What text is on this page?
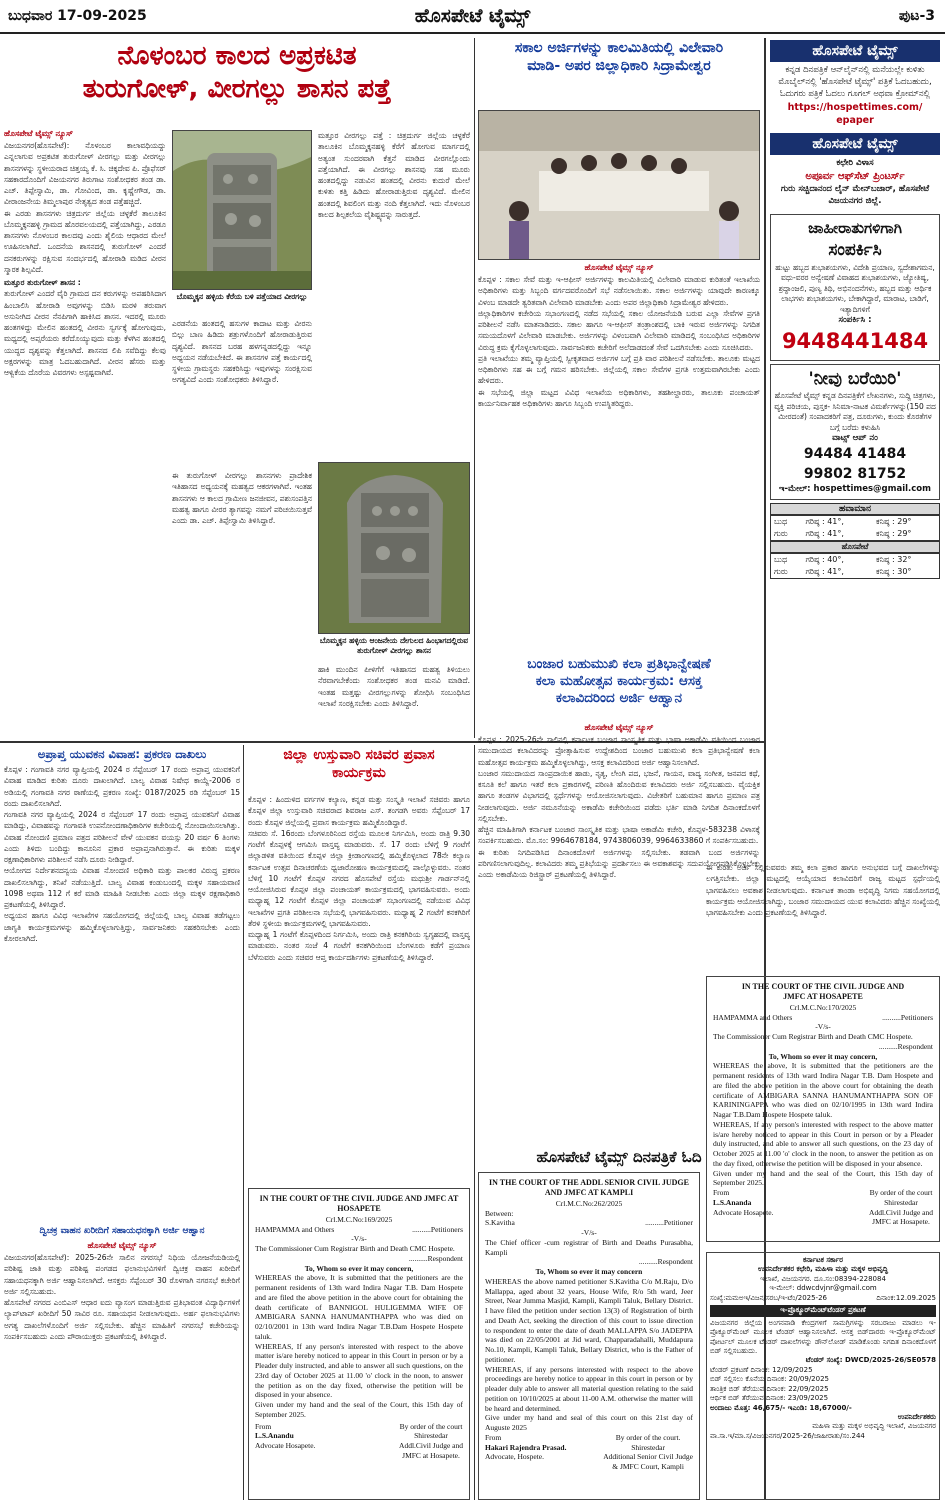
ಬುಧವಾರ 17-09-2025	ಹೊಸಪೇಟೆ ಟೈಮ್ಸ್	ಪುಟ-3
ನೊಳಂಬರ ಕಾಲದ ಅಪ್ರಕಟಿತ
ತುರುಗೋಳ್, ವೀರಗಲ್ಲು ಶಾಸನ ಪತ್ತೆ
ಹೊಸಪೇಟೆ ಟೈಮ್ಸ್ ನ್ಯೂಸ್

ವಿಜಯನಗರ(ಹೊಸಪೇಟೆ): ನೊಳಂಬರ ಕಾಲಾವಧಿಯದ್ದು ಎನ್ನಲಾಗುವ ಅಪ್ರಕಟಿತ ತುರುಗೋಳ್ ವೀರಗಲ್ಲು ಮತ್ತು ವೀರಗಲ್ಲು ಶಾಸನಗಳನ್ನು ಸ್ಥಳೀಯರಾದ ಚಿತ್ತಯ್ಯ ಕೆ. ಸಿ. ಚಿಕ್ಕದೇವ ಪಿ. ಪ್ರೊಫೆಸರ್ ಸಹಕಾರದೊಂದಿಗೆ ವಿಜಯನಗರ ತಿರುಗಾಟ ಸಂಶೋಧಕರ ತಂಡ ಡಾ. ಎಚ್. ತಿಪ್ಪೇಸ್ವಾಮಿ, ಡಾ. ಗೋವಿಂದ, ಡಾ. ಕೃಷ್ಣೇಗೌಡ, ಡಾ. ವೀರಾಂಜನೇಯ ತಿಮ್ಮಲಾಪುರ ನೇತೃತ್ವದ ತಂಡ ಪತ್ತೆಹಚ್ಚಿದೆ.

ಈ ಎರಡು ಶಾಸನಗಳು ಚಿತ್ರದುರ್ಗ ಜಿಲ್ಲೆಯ ಚಳ್ಳಕೆರೆ ತಾಲೂಕಿನ ಬೊಮ್ಮಕ್ಕನಹಳ್ಳಿ ಗ್ರಾಮದ ಹೊರವಲಯದಲ್ಲಿ ಪತ್ತೆಯಾಗಿದ್ದು, ಎರಡೂ ಶಾಸನಗಳು ನೊಳಂಬರ ಕಾಲದವು ಎಂದು ಶೈಲಿಯ ಆಧಾರದ ಮೇಲೆ ಊಹಿಸಲಾಗಿದೆ. ಒಂದನೆಯ ಶಾಸನದಲ್ಲಿ ತುರುಗೋಳ್ ಎಂದರೆ ದನಕರುಗಳನ್ನು ರಕ್ಷಿಸುವ ಸಂದರ್ಭದಲ್ಲಿ ಹೋರಾಡಿ ಮಡಿದ ವೀರನ ಸ್ಮಾರಕ ಶಿಲ್ಪವಿದೆ.

ಮತ್ತೂರ ತುರುಗೋಳ್ ಶಾಸನ :

ತುರುಗೋಳ್ ಎಂದರೆ ವೈರಿ ಗ್ರಾಮದ ದನ ಕರುಗಳನ್ನು ಅಪಹರಿಸಿದಾಗ ಹಿಂಬಾಲಿಸಿ ಹೋರಾಡಿ ಅವುಗಳನ್ನು ಬಿಡಿಸಿ ಮರಳಿ ತರುವಾಗ ಅಸುನೀಗಿದ ವೀರನ ನೆನಪಿಗಾಗಿ ಹಾಕಿಸಿದ ಶಾಸನ. ಇದರಲ್ಲಿ ಮೂರು ಹಂತಗಳಿದ್ದು ಮೇಲಿನ ಹಂತದಲ್ಲಿ ವೀರನು ಸ್ವರ್ಗಕ್ಕೆ ಹೋಗುವುದು, ಮಧ್ಯದಲ್ಲಿ ಅಪ್ಸರೆಯರು ಕರೆದೊಯ್ಯುವುದು ಮತ್ತು ಕೆಳಗಿನ ಹಂತದಲ್ಲಿ ಯುದ್ಧದ ದೃಶ್ಯವನ್ನು ಕೆತ್ತಲಾಗಿದೆ. ಶಾಸನದ ಲಿಪಿ ಸವೆದಿದ್ದು ಕೆಲವು ಅಕ್ಷರಗಳನ್ನು ಮಾತ್ರ ಓದಬಹುದಾಗಿದೆ. ವೀರನ ಹೆಸರು ಮತ್ತು ಆಳ್ವಿಕೆಯ ದೊರೆಯ ವಿವರಗಳು ಅಸ್ಪಷ್ಟವಾಗಿವೆ.

ಬೊಮ್ಮಕ್ಕನ ಹಳ್ಳಿಯ ಕೆರೆಯ ಬಳಿ ಪತ್ತೆಯಾದ ವೀರಗಲ್ಲು

ಎರಡನೆಯ ಹಂತದಲ್ಲಿ ಹಸುಗಳ ಕಾದಾಟ ಮತ್ತು ವೀರನು ಬಿಲ್ಲು ಬಾಣ ಹಿಡಿದು ಶತ್ರುಗಳೊಂದಿಗೆ ಹೋರಾಡುತ್ತಿರುವ ದೃಶ್ಯವಿದೆ. ಶಾಸನದ ಬರಹ ಹಳಗನ್ನಡದಲ್ಲಿದ್ದು ಇನ್ನೂ ಅಧ್ಯಯನ ನಡೆಯಬೇಕಿದೆ. ಈ ಶಾಸನಗಳ ಪತ್ತೆ ಕಾರ್ಯದಲ್ಲಿ ಸ್ಥಳೀಯ ಗ್ರಾಮಸ್ಥರು ಸಹಕರಿಸಿದ್ದು ಇವುಗಳನ್ನು ಸಂರಕ್ಷಿಸುವ ಅಗತ್ಯವಿದೆ ಎಂದು ಸಂಶೋಧಕರು ತಿಳಿಸಿದ್ದಾರೆ.

ಮತ್ತೂರ ವೀರಗಲ್ಲು ಪತ್ತೆ : ಚಿತ್ರದುರ್ಗ ಜಿಲ್ಲೆಯ ಚಳ್ಳಕೆರೆ ತಾಲೂಕಿನ ಬೊಮ್ಮಕ್ಕನಹಳ್ಳಿ ಕೆರೆಗೆ ಹೋಗುವ ಮಾರ್ಗದಲ್ಲಿ ಅತ್ಯಂತ ಸುಂದರವಾಗಿ ಕೆತ್ತನೆ ಮಾಡಿದ ವೀರಗಲ್ಲೊಂದು ಪತ್ತೆಯಾಗಿದೆ. ಈ ವೀರಗಲ್ಲು ಶಾಸನವು ಸಹ ಮೂರು ಹಂತದಲ್ಲಿದ್ದು ನಡುವಿನ ಹಂತದಲ್ಲಿ ವೀರನು ಕುದುರೆ ಮೇಲೆ ಕುಳಿತು ಕತ್ತಿ ಹಿಡಿದು ಹೋರಾಡುತ್ತಿರುವ ದೃಶ್ಯವಿದೆ. ಮೇಲಿನ ಹಂತದಲ್ಲಿ ಶಿವಲಿಂಗ ಮತ್ತು ನಂದಿ ಕೆತ್ತಲಾಗಿದೆ. ಇದು ನೊಳಂಬರ ಕಾಲದ ಶಿಲ್ಪಕಲೆಯ ವೈಶಿಷ್ಟ್ಯವನ್ನು ಸಾರುತ್ತದೆ.

ಈ ತುರುಗೋಳ್ ವೀರಗಲ್ಲು ಶಾಸನಗಳು ಪ್ರಾದೇಶಿಕ ಇತಿಹಾಸದ ಅಧ್ಯಯನಕ್ಕೆ ಮಹತ್ವದ ಆಕರಗಳಾಗಿವೆ. ಇಂತಹ ಶಾಸನಗಳು ಆ ಕಾಲದ ಗ್ರಾಮೀಣ ಜನಜೀವನ, ಪಶುಸಂಪತ್ತಿನ ಮಹತ್ವ ಹಾಗೂ ವೀರರ ತ್ಯಾಗವನ್ನು ನಮಗೆ ಪರಿಚಯಿಸುತ್ತವೆ ಎಂದು ಡಾ. ಎಚ್. ತಿಪ್ಪೇಸ್ವಾಮಿ ತಿಳಿಸಿದ್ದಾರೆ.

ಬೊಮ್ಮಕ್ಕನ ಹಳ್ಳಿಯ ಆಂಜನೇಯ ದೇಗುಲದ ಹಿಂಭಾಗದಲ್ಲಿರುವ ತುರುಗೋಳ್ ವೀರಗಲ್ಲು ಶಾಸನ

ಹಾಕಿ ಮುಂದಿನ ಪೀಳಿಗೆಗೆ ಇತಿಹಾಸದ ಮಹತ್ವ ತಿಳಿಯಲು ನೆರವಾಗಬೇಕೆಂದು ಸಂಶೋಧಕರ ತಂಡ ಮನವಿ ಮಾಡಿದೆ. ಇಂತಹ ಮತ್ತಷ್ಟು ವೀರಗಲ್ಲುಗಳನ್ನು ಶೋಧಿಸಿ ಸಂಬಂಧಿಸಿದ ಇಲಾಖೆ ಸಂರಕ್ಷಿಸಬೇಕು ಎಂದು ತಿಳಿಸಿದ್ದಾರೆ.

ಸಕಾಲ ಅರ್ಜಿಗಳನ್ನು ಕಾಲಮಿತಿಯಲ್ಲಿ ವಿಲೇವಾರಿ
ಮಾಡಿ- ಅಪರ ಜಿಲ್ಲಾಧಿಕಾರಿ ಸಿದ್ರಾಮೇಶ್ವರ
ಹೊಸಪೇಟೆ ಟೈಮ್ಸ್ ನ್ಯೂಸ್

ಕೊಪ್ಪಳ : ಸಕಾಲ ಸೇವೆ ಮತ್ತು ಇ-ಆಫೀಸ್ ಅರ್ಜಿಗಳನ್ನು ಕಾಲಮಿತಿಯಲ್ಲಿ ವಿಲೇವಾರಿ ಮಾಡುವ ಕುರಿತಂತೆ ಇಲಾಖೆಯ ಅಧಿಕಾರಿಗಳು ಮತ್ತು ಸಿಬ್ಬಂದಿ ವರ್ಗದವರೊಂದಿಗೆ ಸಭೆ ನಡೆಸಲಾಯಿತು. ಸಕಾಲ ಅರ್ಜಿಗಳನ್ನು ಯಾವುದೇ ಕಾರಣಕ್ಕೂ ವಿಳಂಬ ಮಾಡದೇ ತ್ವರಿತವಾಗಿ ವಿಲೇವಾರಿ ಮಾಡಬೇಕು ಎಂದು ಅಪರ ಜಿಲ್ಲಾಧಿಕಾರಿ ಸಿದ್ರಾಮೇಶ್ವರ ಹೇಳಿದರು.

ಜಿಲ್ಲಾಧಿಕಾರಿಗಳ ಕಚೇರಿಯ ಸಭಾಂಗಣದಲ್ಲಿ ನಡೆದ ಸಭೆಯಲ್ಲಿ ಸಕಾಲ ಯೋಜನೆಯಡಿ ಬರುವ ಎಲ್ಲಾ ಸೇವೆಗಳ ಪ್ರಗತಿ ಪರಿಶೀಲನೆ ನಡೆಸಿ ಮಾತನಾಡಿದರು. ಸಕಾಲ ಹಾಗೂ ಇ-ಆಫೀಸ್ ತಂತ್ರಾಂಶದಲ್ಲಿ ಬಾಕಿ ಇರುವ ಅರ್ಜಿಗಳನ್ನು ನಿಗದಿತ ಸಮಯದೊಳಗೆ ವಿಲೇವಾರಿ ಮಾಡಬೇಕು. ಅರ್ಜಿಗಳನ್ನು ವಿಳಂಬವಾಗಿ ವಿಲೇವಾರಿ ಮಾಡಿದಲ್ಲಿ ಸಂಬಂಧಿಸಿದ ಅಧಿಕಾರಿಗಳ ವಿರುದ್ಧ ಕ್ರಮ ಕೈಗೊಳ್ಳಲಾಗುವುದು. ಸಾರ್ವಜನಿಕರು ಕಚೇರಿಗೆ ಅಲೆದಾಡದಂತೆ ಸೇವೆ ಒದಗಿಸಬೇಕು ಎಂದು ಸೂಚಿಸಿದರು.

ಪ್ರತಿ ಇಲಾಖೆಯು ತಮ್ಮ ವ್ಯಾಪ್ತಿಯಲ್ಲಿ ಸ್ವೀಕೃತವಾದ ಅರ್ಜಿಗಳ ಬಗ್ಗೆ ಪ್ರತಿ ವಾರ ಪರಿಶೀಲನೆ ನಡೆಸಬೇಕು. ತಾಲೂಕು ಮಟ್ಟದ ಅಧಿಕಾರಿಗಳು ಸಹ ಈ ಬಗ್ಗೆ ಗಮನ ಹರಿಸಬೇಕು. ಜಿಲ್ಲೆಯಲ್ಲಿ ಸಕಾಲ ಸೇವೆಗಳ ಪ್ರಗತಿ ಉತ್ತಮವಾಗಿರಬೇಕು ಎಂದು ಹೇಳಿದರು.

ಈ ಸಭೆಯಲ್ಲಿ ಜಿಲ್ಲಾ ಮಟ್ಟದ ವಿವಿಧ ಇಲಾಖೆಯ ಅಧಿಕಾರಿಗಳು, ತಹಶೀಲ್ದಾರರು, ತಾಲೂಕು ಪಂಚಾಯತ್ ಕಾರ್ಯನಿರ್ವಾಹಕ ಅಧಿಕಾರಿಗಳು ಹಾಗೂ ಸಿಬ್ಬಂದಿ ಉಪಸ್ಥಿತರಿದ್ದರು.

ಬಂಜಾರ ಬಹುಮುಖಿ ಕಲಾ ಪ್ರತಿಭಾನ್ವೇಷಣೆ
ಕಲಾ ಮಹೋತ್ಸವ ಕಾರ್ಯಕ್ರಮ: ಆಸಕ್ತ
ಕಲಾವಿದರಿಂದ ಅರ್ಜಿ ಆಹ್ವಾನ
ಅಪ್ರಾಪ್ತ ಯುವಕನ ವಿವಾಹ: ಪ್ರಕರಣ ದಾಖಲು

ಕೊಪ್ಪಳ : ಗಂಗಾವತಿ ನಗರ ವ್ಯಾಪ್ತಿಯಲ್ಲಿ 2024 ರ ಸೆಪ್ಟೆಂಬರ್ 17 ರಂದು ಅಪ್ರಾಪ್ತ ಯುವಕನಿಗೆ ವಿವಾಹ ಮಾಡಿದ ಕುರಿತು ದೂರು ದಾಖಲಾಗಿದೆ. ಬಾಲ್ಯ ವಿವಾಹ ನಿಷೇಧ ಕಾಯ್ದೆ-2006 ರ ಅಡಿಯಲ್ಲಿ ಗಂಗಾವತಿ ನಗರ ಠಾಣೆಯಲ್ಲಿ ಪ್ರಕರಣ ಸಂಖ್ಯೆ: 0187/2025 ರಡಿ ಸೆಪ್ಟೆಂಬರ್ 15 ರಂದು ದಾಖಲಿಸಲಾಗಿದೆ.

ಗಂಗಾವತಿ ನಗರ ವ್ಯಾಪ್ತಿಯಲ್ಲಿ 2024 ರ ಸೆಪ್ಟೆಂಬರ್ 17 ರಂದು ಅಪ್ರಾಪ್ತ ಯುವಕನಿಗೆ ವಿವಾಹ ಮಾಡಿದ್ದು, ವಿವಾಹವನ್ನು ಗಂಗಾವತಿ ಉಪನೋಂದಣಾಧಿಕಾರಿಗಳ ಕಚೇರಿಯಲ್ಲಿ ನೋಂದಾಯಿಸಲಾಗಿತ್ತು. ವಿವಾಹ ನೋಂದಣಿ ಪ್ರಮಾಣ ಪತ್ರದ ಪರಿಶೀಲನೆ ವೇಳೆ ಯುವಕನ ವಯಸ್ಸು 20 ವರ್ಷ 6 ತಿಂಗಳು ಎಂದು ತಿಳಿದು ಬಂದಿದ್ದು ಕಾನೂನಿನ ಪ್ರಕಾರ ಅಪ್ರಾಪ್ತನಾಗಿರುತ್ತಾನೆ. ಈ ಕುರಿತು ಮಕ್ಕಳ ರಕ್ಷಣಾಧಿಕಾರಿಗಳು ಪರಿಶೀಲನೆ ನಡೆಸಿ ದೂರು ನೀಡಿದ್ದಾರೆ.

ಆಯೋಗದ ನಿರ್ದೇಶನದನ್ವಯ ವಿವಾಹ ನೋಂದಣಿ ಅಧಿಕಾರಿ ಮತ್ತು ಪಾಲಕರ ವಿರುದ್ಧ ಪ್ರಕರಣ ದಾಖಲಿಸಲಾಗಿದ್ದು, ತನಿಖೆ ನಡೆಯುತ್ತಿದೆ. ಬಾಲ್ಯ ವಿವಾಹ ಕಂಡುಬಂದಲ್ಲಿ ಮಕ್ಕಳ ಸಹಾಯವಾಣಿ 1098 ಅಥವಾ 112 ಗೆ ಕರೆ ಮಾಡಿ ಮಾಹಿತಿ ನೀಡಬೇಕು ಎಂದು ಜಿಲ್ಲಾ ಮಕ್ಕಳ ರಕ್ಷಣಾಧಿಕಾರಿ ಪ್ರಕಟಣೆಯಲ್ಲಿ ತಿಳಿಸಿದ್ದಾರೆ.

ಅಧ್ಯಯನ ಹಾಗೂ ವಿವಿಧ ಇಲಾಖೆಗಳ ಸಹಯೋಗದಲ್ಲಿ ಜಿಲ್ಲೆಯಲ್ಲಿ ಬಾಲ್ಯ ವಿವಾಹ ತಡೆಗಟ್ಟಲು ಜಾಗೃತಿ ಕಾರ್ಯಕ್ರಮಗಳನ್ನು ಹಮ್ಮಿಕೊಳ್ಳಲಾಗುತ್ತಿದ್ದು, ಸಾರ್ವಜನಿಕರು ಸಹಕರಿಸಬೇಕು ಎಂದು ಕೋರಲಾಗಿದೆ.

ದ್ವಿಚಕ್ರ ವಾಹನ ಖರೀದಿಗೆ ಸಹಾಯಧನಕ್ಕಾಗಿ ಅರ್ಜಿ ಆಹ್ವಾನ
ಹೊಸಪೇಟೆ ಟೈಮ್ಸ್ ನ್ಯೂಸ್

ವಿಜಯನಗರ(ಹೊಸಪೇಟೆ): 2025-26ನೇ ಸಾಲಿನ ನಗರಸಭೆ ನಿಧಿಯ ಯೋಜನೆಯಡಿಯಲ್ಲಿ ಪರಿಶಿಷ್ಟ ಜಾತಿ ಮತ್ತು ಪರಿಶಿಷ್ಟ ಪಂಗಡದ ಫಲಾನುಭವಿಗಳಿಗೆ ದ್ವಿಚಕ್ರ ವಾಹನ ಖರೀದಿಗೆ ಸಹಾಯಧನಕ್ಕಾಗಿ ಅರ್ಜಿ ಆಹ್ವಾನಿಸಲಾಗಿದೆ. ಆಸಕ್ತರು ಸೆಪ್ಟೆಂಬರ್ 30 ರೊಳಗಾಗಿ ನಗರಸಭೆ ಕಚೇರಿಗೆ ಅರ್ಜಿ ಸಲ್ಲಿಸಬಹುದು.

ಹೊಸಪೇಟೆ ನಗರದ ಎಂಬಿಎಸ್ ಆಧಾರ ಐದು ವ್ಯಾಸಂಗ ಮಾಡುತ್ತಿರುವ ಪ್ರತಿಭಾವಂತ ವಿದ್ಯಾರ್ಥಿಗಳಿಗೆ ಲ್ಯಾಪ್‌ಟಾಪ್ ಖರೀದಿಗೆ 50 ಸಾವಿರ ರೂ. ಸಹಾಯಧನ ನೀಡಲಾಗುವುದು. ಅರ್ಹ ಫಲಾನುಭವಿಗಳು ಅಗತ್ಯ ದಾಖಲೆಗಳೊಂದಿಗೆ ಅರ್ಜಿ ಸಲ್ಲಿಸಬೇಕು. ಹೆಚ್ಚಿನ ಮಾಹಿತಿಗೆ ನಗರಸಭೆ ಕಚೇರಿಯನ್ನು ಸಂಪರ್ಕಿಸಬಹುದು ಎಂದು ಪೌರಾಯುಕ್ತರು ಪ್ರಕಟಣೆಯಲ್ಲಿ ತಿಳಿಸಿದ್ದಾರೆ.

ಜಿಲ್ಲಾ ಉಸ್ತುವಾರಿ ಸಚಿವರ ಪ್ರವಾಸ
ಕಾರ್ಯಕ್ರಮ

ಕೊಪ್ಪಳ : ಹಿಂದುಳಿದ ವರ್ಗಗಳ ಕಲ್ಯಾಣ, ಕನ್ನಡ ಮತ್ತು ಸಂಸ್ಕೃತಿ ಇಲಾಖೆ ಸಚಿವರು ಹಾಗೂ ಕೊಪ್ಪಳ ಜಿಲ್ಲಾ ಉಸ್ತುವಾರಿ ಸಚಿವರಾದ ಶಿವರಾಜ ಎಸ್. ತಂಗಡಗಿ ಅವರು ಸೆಪ್ಟೆಂಬರ್ 17 ರಂದು ಕೊಪ್ಪಳ ಜಿಲ್ಲೆಯಲ್ಲಿ ಪ್ರವಾಸ ಕಾರ್ಯಕ್ರಮ ಹಮ್ಮಿಕೊಂಡಿದ್ದಾರೆ.

ಸಚಿವರು ಸೆ. 16ರಂದು ಬೆಂಗಳೂರಿನಿಂದ ರಸ್ತೆಯ ಮೂಲಕ ನಿರ್ಗಮಿಸಿ, ಅಂದು ರಾತ್ರಿ 9.30 ಗಂಟೆಗೆ ಕೊಪ್ಪಳಕ್ಕೆ ಆಗಮಿಸಿ ವಾಸ್ತವ್ಯ ಮಾಡುವರು. ಸೆ. 17 ರಂದು ಬೆಳಿಗ್ಗೆ 9 ಗಂಟೆಗೆ ಜಿಲ್ಲಾಡಳಿತ ವತಿಯಿಂದ ಕೊಪ್ಪಳ ಜಿಲ್ಲಾ ಕ್ರೀಡಾಂಗಣದಲ್ಲಿ ಹಮ್ಮಿಕೊಳ್ಳಲಾದ 78ನೇ ಕಲ್ಯಾಣ ಕರ್ನಾಟಕ ಉತ್ಸವ ದಿನಾಚರಣೆಯ ಧ್ವಜಾರೋಹಣ ಕಾರ್ಯಕ್ರಮದಲ್ಲಿ ಪಾಲ್ಗೊಳ್ಳುವರು. ನಂತರ ಬೆಳಿಗ್ಗೆ 10 ಗಂಟೆಗೆ ಕೊಪ್ಪಳ ನಗರದ ಹೊಸಪೇಟೆ ರಸ್ತೆಯ ಮಧುಶ್ರೀ ಗಾರ್ಡನ್‌ನಲ್ಲಿ ಆಯೋಜಿಸಿರುವ ಕೊಪ್ಪಳ ಜಿಲ್ಲಾ ಪಂಚಾಯತ್ ಕಾರ್ಯಕ್ರಮದಲ್ಲಿ ಭಾಗವಹಿಸುವರು. ಅಂದು ಮಧ್ಯಾಹ್ನ 12 ಗಂಟೆಗೆ ಕೊಪ್ಪಳ ಜಿಲ್ಲಾ ಪಂಚಾಯತ್ ಸಭಾಂಗಣದಲ್ಲಿ ನಡೆಯುವ ವಿವಿಧ ಇಲಾಖೆಗಳ ಪ್ರಗತಿ ಪರಿಶೀಲನಾ ಸಭೆಯಲ್ಲಿ ಭಾಗವಹಿಸುವರು. ಮಧ್ಯಾಹ್ನ 2 ಗಂಟೆಗೆ ಕನಕಗಿರಿಗೆ ತೆರಳಿ ಸ್ಥಳೀಯ ಕಾರ್ಯಕ್ರಮಗಳಲ್ಲಿ ಭಾಗವಹಿಸುವರು.

ಮಧ್ಯಾಹ್ನ 1 ಗಂಟೆಗೆ ಕೊಪ್ಪಳದಿಂದ ನಿರ್ಗಮಿಸಿ, ಅಂದು ರಾತ್ರಿ ಕನಕಗಿರಿಯ ಸ್ವಗೃಹದಲ್ಲಿ ವಾಸ್ತವ್ಯ ಮಾಡುವರು. ನಂತರ ಸಂಜೆ 4 ಗಂಟೆಗೆ ಕನಕಗಿರಿಯಿಂದ ಬೆಂಗಳೂರು ಕಡೆಗೆ ಪ್ರಯಾಣ ಬೆಳೆಸುವರು ಎಂದು ಸಚಿವರ ಆಪ್ತ ಕಾರ್ಯದರ್ಶಿಗಳು ಪ್ರಕಟಣೆಯಲ್ಲಿ ತಿಳಿಸಿದ್ದಾರೆ.

ಹೊಸಪೇಟೆ ಟೈಮ್ಸ್ ನ್ಯೂಸ್

ಕೊಪ್ಪಳ : 2025-26ನೇ ಸಾಲಿನಲ್ಲಿ ಕರ್ನಾಟಕ ಬಂಜಾರ ಸಾಂಸ್ಕೃತಿಕ ಮತ್ತು ಭಾಷಾ ಅಕಾಡೆಮಿ ವತಿಯಿಂದ ಬಂಜಾರ ಸಮುದಾಯದ ಕಲಾವಿದರನ್ನು ಪ್ರೋತ್ಸಾಹಿಸುವ ಉದ್ದೇಶದಿಂದ ಬಂಜಾರ ಬಹುಮುಖಿ ಕಲಾ ಪ್ರತಿಭಾನ್ವೇಷಣೆ ಕಲಾ ಮಹೋತ್ಸವ ಕಾರ್ಯಕ್ರಮ ಹಮ್ಮಿಕೊಳ್ಳಲಾಗಿದ್ದು, ಆಸಕ್ತ ಕಲಾವಿದರಿಂದ ಅರ್ಜಿ ಆಹ್ವಾನಿಸಲಾಗಿದೆ.

ಬಂಜಾರ ಸಮುದಾಯದ ಸಾಂಪ್ರದಾಯಿಕ ಹಾಡು, ನೃತ್ಯ, ಲೇಂಗಿ ಪದ, ಭಜನೆ, ಗಾಯನ, ವಾದ್ಯ ಸಂಗೀತ, ಜನಪದ ಕಥೆ, ಕಸೂತಿ ಕಲೆ ಹಾಗೂ ಇತರೆ ಕಲಾ ಪ್ರಕಾರಗಳಲ್ಲಿ ಪರಿಣತಿ ಹೊಂದಿರುವ ಕಲಾವಿದರು ಅರ್ಜಿ ಸಲ್ಲಿಸಬಹುದು. ವೈಯಕ್ತಿಕ ಹಾಗೂ ತಂಡಗಳ ವಿಭಾಗದಲ್ಲಿ ಸ್ಪರ್ಧೆಗಳನ್ನು ಆಯೋಜಿಸಲಾಗುವುದು. ವಿಜೇತರಿಗೆ ಬಹುಮಾನ ಹಾಗೂ ಪ್ರಮಾಣ ಪತ್ರ ನೀಡಲಾಗುವುದು. ಅರ್ಜಿ ನಮೂನೆಯನ್ನು ಅಕಾಡೆಮಿ ಕಚೇರಿಯಿಂದ ಪಡೆದು ಭರ್ತಿ ಮಾಡಿ ನಿಗದಿತ ದಿನಾಂಕದೊಳಗೆ ಸಲ್ಲಿಸಬೇಕು.

ಹೆಚ್ಚಿನ ಮಾಹಿತಿಗಾಗಿ ಕರ್ನಾಟಕ ಬಂಜಾರ ಸಾಂಸ್ಕೃತಿಕ ಮತ್ತು ಭಾಷಾ ಅಕಾಡೆಮಿ ಕಚೇರಿ, ಕೊಪ್ಪಳ-583238 ವಿಳಾಸಕ್ಕೆ ಸಂಪರ್ಕಿಸಬಹುದು. ಮೊ.ಸಂ: 9964678184, 9743806039, 9964633860 ಗೆ ಸಂಪರ್ಕಿಸಬಹುದು.

ಈ ಕುರಿತು ನಿಗದಿಪಡಿಸಿದ ದಿನಾಂಕದೊಳಗೆ ಅರ್ಜಿಗಳನ್ನು ಸಲ್ಲಿಸಬೇಕು. ತಡವಾಗಿ ಬಂದ ಅರ್ಜಿಗಳನ್ನು ಪರಿಗಣಿಸಲಾಗುವುದಿಲ್ಲ. ಕಲಾವಿದರು ತಮ್ಮ ಪ್ರತಿಭೆಯನ್ನು ಪ್ರದರ್ಶಿಸಲು ಈ ಅವಕಾಶವನ್ನು ಸದುಪಯೋಗಪಡಿಸಿಕೊಳ್ಳಬೇಕು ಎಂದು ಅಕಾಡೆಮಿಯ ರಿಜಿಸ್ಟ್ರಾರ್ ಪ್ರಕಟಣೆಯಲ್ಲಿ ತಿಳಿಸಿದ್ದಾರೆ.

ಹೊಸಪೇಟೆ ಟೈಮ್ಸ್ ದಿನಪತ್ರಿಕೆ ಓದಿ
IN THE COURT OF THE CIVIL JUDGE AND JMFC AT
HOSAPETE
Crl.M.C.No:169/2025
HAMPAMMA and Others	..........Petitioners
-V/s-
The Commissioner Cum Registrar Birth and Death CMC Hospete.
..........Respondent
To, Whom so ever it may concern,

WHEREAS the above, It is submitted that the petitioners are the permanent residents of 13th ward Indira Nagar T.B. Dam Hospete and are filed the above petition in the above court for obtaining the death certificate of BANNIGOL HULIGEMMA WIFE OF AMBIGARA SANNA HANUMANTHAPPA who was died on 02/10/2001 in 13th ward Indira Nagar T.B.Dam Hospete Hospete taluk.

WHEREAS, If any person's interested with respect to the above matter is/are hereby noticed to appear in this Court in person or by a Pleader duly instructed, and able to answer all such questions, on the 23rd day of October 2025 at 11.00 'o' clock in the noon, to answer the petition as on the day fixed, otherwise the petition will be disposed in your absence.

Given under my hand and the seal of the Court, this 15th day of September 2025.

From
L.S.Anandu
Advocate Hosapete.
By order of the court
Shirestedar
Addl.Civil Judge and
JMFC at Hosapete.
IN THE COURT OF THE ADDL SENIOR CIVIL JUDGE
AND JMFC AT KAMPLI
Crl.M.C.No:262/2025
Between:
S.Kavitha	..........Petitioner
-V/s-
The Chief officer -cum registrar of Birth and Deaths Purasabha, Kampli
..........Respondent
To, Whom so ever it may concern

WHEREAS the above named petitioner S.Kavitha C/o M.Raju, D/o Mallappa, aged about 32 years, House Wife, R/o 5th ward, Jeer Street, Near Jumma Masjid, Kampli, Kampli Taluk, Bellary District. I have filed the petition under section 13(3) of Registration of birth and Death Act, seeking the direction of this court to issue direction to respondent to enter the date of death MALLAPPA S/o JADEPPA was died on 22/05/2001 at Jid ward, Chapparadahalli, Muddapura No.10, Kampli, Kampli Taluk, Bellary District, who is the Father of petitioner.

WHEREAS, if any persons interested with respect to the above proceedings are hereby notice to appear in this court in person or by pleader duly able to answer all material question relating to the said petition on 10/10/2025 at about 11-00 A.M. otherwise the matter will be heard and determined.

Give under my hand and seal of this court on this 21st day of Auguste 2025

From
Hakari Rajendra Prasad.
Advocate, Hospete.
By order of the court.
Shirestedar
Additional Senior Civil Judge
& JMFC Court, Kampli

ಈ ಕುರಿತು ಅರ್ಜಿ ಸಲ್ಲಿಸುವವರು ತಮ್ಮ ಕಲಾ ಪ್ರಕಾರ ಹಾಗೂ ಅನುಭವದ ಬಗ್ಗೆ ದಾಖಲೆಗಳನ್ನು ಲಗತ್ತಿಸಬೇಕು. ಜಿಲ್ಲಾ ಮಟ್ಟದಲ್ಲಿ ಆಯ್ಕೆಯಾದ ಕಲಾವಿದರಿಗೆ ರಾಜ್ಯ ಮಟ್ಟದ ಸ್ಪರ್ಧೆಯಲ್ಲಿ ಭಾಗವಹಿಸಲು ಅವಕಾಶ ನೀಡಲಾಗುವುದು. ಕರ್ನಾಟಕ ತಾಂಡಾ ಅಭಿವೃದ್ಧಿ ನಿಗಮ ಸಹಯೋಗದಲ್ಲಿ ಕಾರ್ಯಕ್ರಮ ಆಯೋಜಿಸಲಾಗಿದ್ದು, ಬಂಜಾರ ಸಮುದಾಯದ ಯುವ ಕಲಾವಿದರು ಹೆಚ್ಚಿನ ಸಂಖ್ಯೆಯಲ್ಲಿ ಭಾಗವಹಿಸಬೇಕು ಎಂದು ಪ್ರಕಟಣೆಯಲ್ಲಿ ತಿಳಿಸಿದ್ದಾರೆ.

IN THE COURT OF THE CIVIL JUDGE AND
JMFC AT HOSAPETE
Crl.M.C.No:170/2025
HAMPAMMA and Others	..........Petitioners
-V/s-
The Commissioner Cum Registrar Birth and Death CMC Hospete.
..........Respondent
To, Whom so ever it may concern,

WHEREAS the above, It is submitted that the petitioners are the permanent residents of 13th ward Indira Nagar T.B. Dam Hospete and are filed the above petition in the above court for obtaining the death certificate of AMBIGARA SANNA HANUMANTHAPPA SON OF KARININGAPPA who was died on 02/10/1995 in 13th ward Indira Nagar T.B.Dam Hospete Hospete taluk.

WHEREAS, If any person's interested with respect to the above matter is/are hereby noticed to appear in this Court in person or by a Pleader duly instructed, and able to answer all such questions, on the 23 day of October 2025 at 11.00 'o' clock in the noon, to answer the petition as on the day fixed, otherwise the petition will be disposed in your absence.

Given under my hand and the seal of the Court, this 15th day of September 2025.

From
L.S.Ananda
Advocate Hosapete.
By order of the court
Shirestedar
Addl.Civil Judge and
JMFC at Hosapete.
ಕರ್ನಾಟಕ ಸರ್ಕಾರ
ಉಪನಿರ್ದೇಶಕರ ಕಛೇರಿ, ಮಹಿಳಾ ಮತ್ತು ಮಕ್ಕಳ ಅಭಿವೃದ್ಧಿ
ಇಲಾಖೆ, ವಿಜಯನಗರ. ದೂ.ಸಂ:08394-228084
ಇ-ಮೇಲ್: ddwcdvjnr@gmail.com
ಸಂಖ್ಯೆ:ಮಮಅಇ/ವಿಜನ/ಸರಬ/ಇ-ಟೆಂ/2025-26	ದಿನಾಂಕ:12.09.2025
ಇ-ಪ್ರೊಕ್ಯೂರ್‌ಮೆಂಟ್‌ಟೆಂಡರ್ ಪ್ರಕಟಣೆ

ವಿಜಯನಗರ ಜಿಲ್ಲೆಯ ಅಂಗನವಾಡಿ ಕೇಂದ್ರಗಳಿಗೆ ಸಾಮಗ್ರಿಗಳನ್ನು ಸರಬರಾಜು ಮಾಡಲು ಇ-ಪ್ರೊಕ್ಯೂರ್‌ಮೆಂಟ್ ಮೂಲಕ ಟೆಂಡರ್ ಆಹ್ವಾನಿಸಲಾಗಿದೆ. ಆಸಕ್ತ ಬಿಡ್‌ದಾರರು ಇ-ಪ್ರೊಕ್ಯೂರ್‌ಮೆಂಟ್ ಪೋರ್ಟಲ್ ಮೂಲಕ ಟೆಂಡರ್ ದಾಖಲೆಗಳನ್ನು ಡೌನ್‌ಲೋಡ್ ಮಾಡಿಕೊಂಡು ನಿಗದಿತ ದಿನಾಂಕದೊಳಗೆ ಬಿಡ್ ಸಲ್ಲಿಸಬಹುದು.

ಟೆಂಡರ್ ಸಂಖ್ಯೆ: DWCD/2025-26/SE0578
ಟೆಂಡರ್ ಪ್ರಕಟಣೆ ದಿನಾಂಕ: 12/09/2025
ಬಿಡ್ ಸಲ್ಲಿಸಲು ಕೊನೆಯ ದಿನಾಂಕ: 20/09/2025
ತಾಂತ್ರಿಕ ಬಿಡ್ ತೆರೆಯುವ ದಿನಾಂಕ: 22/09/2025
ಆರ್ಥಿಕ ಬಿಡ್ ತೆರೆಯುವ ದಿನಾಂಕ: 23/09/2025
ಅಂದಾಜು ಮೊತ್ತ: 46,675/- ಇಎಂಡಿ: 18,67000/-
ಉಪನಿರ್ದೇಶಕರು
ಮಹಿಳಾ ಮತ್ತು ಮಕ್ಕಳ ಅಭಿವೃದ್ಧಿ ಇಲಾಖೆ, ವಿಜಯನಗರ
ವಾ.ಸಾ.ಇ/ಮಾ.ಸ/ವಿಜಯನಗರ/2025-26/ಜಾಹೀರಾತು/ಸಂ.244
ಹೊಸಪೇಟೆ ಟೈಮ್ಸ್
ಕನ್ನಡ ದಿನಪತ್ರಿಕೆ ಆನ್‌ಲೈನ್‌ನಲ್ಲಿ ಮನೆಯಲ್ಲೇ ಕುಳಿತು ಮೊಬೈಲ್‌ನಲ್ಲಿ 'ಹೊಸಪೇಟೆ ಟೈಮ್ಸ್' ಪತ್ರಿಕೆ ಓದಬಹುದು, ಓದುಗರು ಪತ್ರಿಕೆ ಓದಲು ಗೂಗಲ್ ಅಥವಾ ಕ್ರೋಮ್‌ನಲ್ಲಿ
https://hospettimes.com/
epaper
ಹೊಸಪೇಟೆ ಟೈಮ್ಸ್
ಕಛೇರಿ ವಿಳಾಸ
ಅಪೂರ್ವ ಆಫ್‌ಸೆಟ್ ಪ್ರಿಂಟರ್ಸ್
ಗುರು ಸಚ್ಚಿದಾನಂದ ಲೈನ್ ಮೇನ್‌ಬಜಾರ್, ಹೊಸಪೇಟೆ ವಿಜಯನಗರ ಜಿಲ್ಲೆ.
ಜಾಹೀರಾತುಗಳಿಗಾಗಿ
ಸಂಪರ್ಕಿಸಿ
ಹುಟ್ಟು ಹಬ್ಬದ ಶುಭಾಶಯಗಳು, ವಿದೇಶಿ ಪ್ರಯಾಣ, ಸ್ವದೇಶಾಗಮನ, ವಧು-ವರರ ಅನ್ವೇಷಣೆ ವಿವಾಹದ ಶುಭಾಶಯಗಳು, ಜ್ಯೋತಿಷ್ಯ, ಶ್ರದ್ಧಾಂಜಲಿ, ಪುಣ್ಯ ತಿಥಿ, ಅಭಿನಂದನೆಗಳು, ಹಬ್ಬದ ಮತ್ತು ಆರ್ಥಿಕ ಲಾಭಗಳು ಶುಭಾಶಯಗಳು, ಬೇಕಾಗಿದ್ದಾರೆ, ಮಾರಾಟ, ಬಾಡಿಗೆ, ಇತ್ಯಾದಿಗಳಿಗೆ
ಸಂಪರ್ಕಿಸಿ :
9448441484
'ನೀವು ಬರೆಯಿರಿ'
ಹೊಸಪೇಟೆ ಟೈಮ್ಸ್ ಕನ್ನಡ ದಿನಪತ್ರಿಕೆಗೆ ಲೇಖನಗಳು, ಸುದ್ದಿ ಚಿತ್ರಗಳು, ವ್ಯಕ್ತಿ ಪರಿಚಯ, ಪುಸ್ತಕ- ಸಿನಿಮಾ-ನಾಟಕ ವಿಮರ್ಶೆಗಳನ್ನು(150 ಪದ ಮೀರದಂತೆ) ಸಂಪಾದಕರಿಗೆ ಪತ್ರ, ದೂರುಗಳು, ಕುಂದು ಕೊರತೆಗಳ ಬಗ್ಗೆ ಬರೆದು ಕಳುಹಿಸಿ
ವಾಟ್ಸ್ ಆಪ್ ನಂ
94484 41484
99802 81752
ಇ-ಮೇಲ್: hospettimes@gmail.com
ಹವಾಮಾನ
ಬುಧ	ಗರಿಷ್ಠ : 41°,	ಕನಿಷ್ಠ : 29°
ಗುರು	ಗರಿಷ್ಠ : 41°,	ಕನಿಷ್ಠ : 29°
ಹೊಸಪೇಟೆ
ಬುಧ	ಗರಿಷ್ಠ : 40°,	ಕನಿಷ್ಠ : 32°
ಗುರು	ಗರಿಷ್ಠ : 41°,	ಕನಿಷ್ಠ : 30°
